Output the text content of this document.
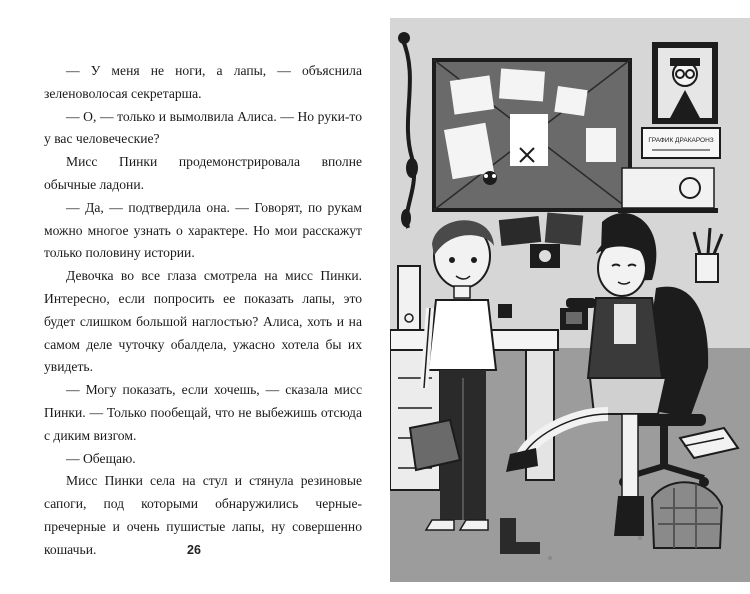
— У меня не ноги, а лапы, — объяснила зеленоволосая секретарша.

— О, — только и вымолвила Алиса. — Но руки-то у вас человеческие?

Мисс Пинки продемонстрировала вполне обычные ладони.

— Да, — подтвердила она. — Говорят, по рукам можно многое узнать о характере. Но мои расскажут только половину истории.

Девочка во все глаза смотрела на мисс Пинки. Интересно, если попросить ее показать лапы, это будет слишком большой наглостью? Алиса, хоть и на самом деле чуточку обалдела, ужасно хотела бы их увидеть.

— Могу показать, если хочешь, — сказала мисс Пинки. — Только пообещай, что не выбежишь отсюда с диким визгом.

— Обещаю.

Мисс Пинки села на стул и стянула резиновые сапоги, под которыми обнаружились черные-пречерные и очень пушистые лапы, ну совершенно кошачьи.	26
ГРАФИК ДРАКАРОНЗ
